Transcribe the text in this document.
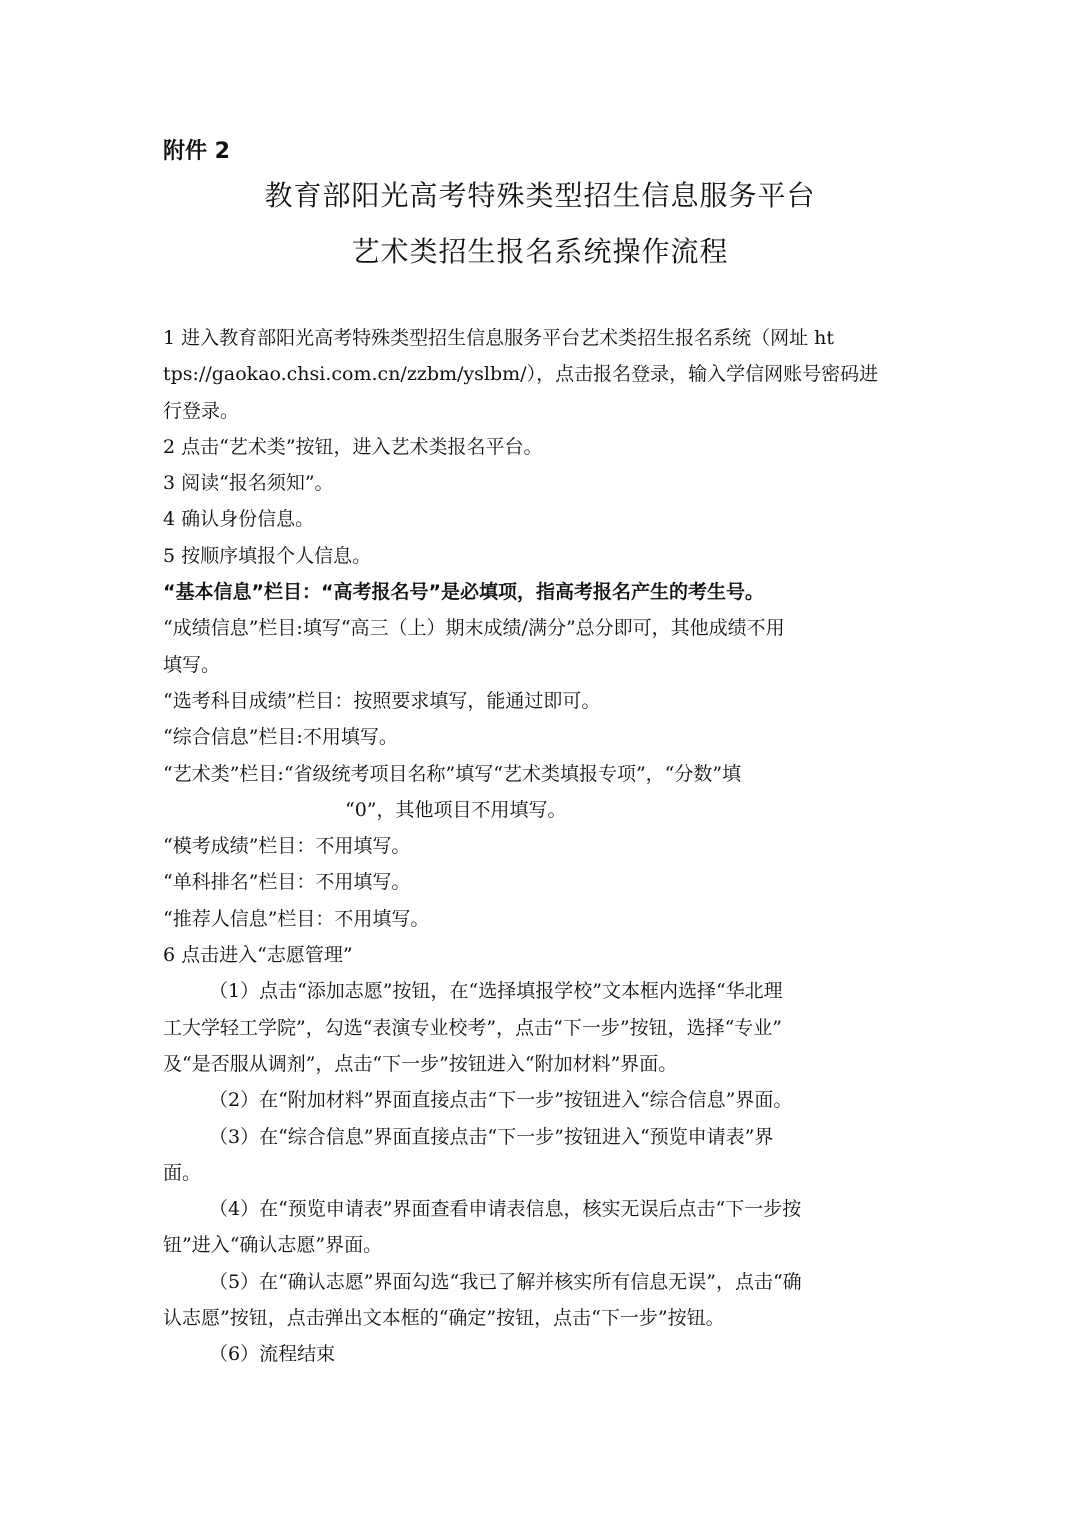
附件 2
教育部阳光高考特殊类型招生信息服务平台
艺术类招生报名系统操作流程
1 进入教育部阳光高考特殊类型招生信息服务平台艺术类招生报名系统（网址 ht
tps://gaokao.chsi.com.cn/zzbm/yslbm/），点击报名登录，输入学信网账号密码进
行登录。
2 点击“艺术类”按钮，进入艺术类报名平台。
3 阅读“报名须知”。
4 确认身份信息。
5 按顺序填报个人信息。
“基本信息”栏目：“高考报名号”是必填项，指高考报名产生的考生号。
“成绩信息”栏目:填写“高三（上）期末成绩/满分”总分即可，其他成绩不用
填写。
“选考科目成绩”栏目：按照要求填写，能通过即可。
“综合信息”栏目:不用填写。
“艺术类”栏目:“省级统考项目名称”填写“艺术类填报专项”，“分数”填
“0”，其他项目不用填写。
“模考成绩”栏目：不用填写。
“单科排名”栏目：不用填写。
“推荐人信息”栏目：不用填写。
6 点击进入“志愿管理”
（1）点击“添加志愿”按钮，在“选择填报学校”文本框内选择“华北理
工大学轻工学院”，勾选“表演专业校考”，点击“下一步”按钮，选择“专业”
及“是否服从调剂”，点击“下一步”按钮进入“附加材料”界面。
（2）在“附加材料”界面直接点击“下一步”按钮进入“综合信息”界面。
（3）在“综合信息”界面直接点击“下一步”按钮进入“预览申请表”界
面。
（4）在“预览申请表”界面查看申请表信息，核实无误后点击“下一步按
钮”进入“确认志愿”界面。
（5）在“确认志愿”界面勾选“我已了解并核实所有信息无误”，点击“确
认志愿”按钮，点击弹出文本框的“确定”按钮，点击“下一步”按钮。
（6）流程结束
